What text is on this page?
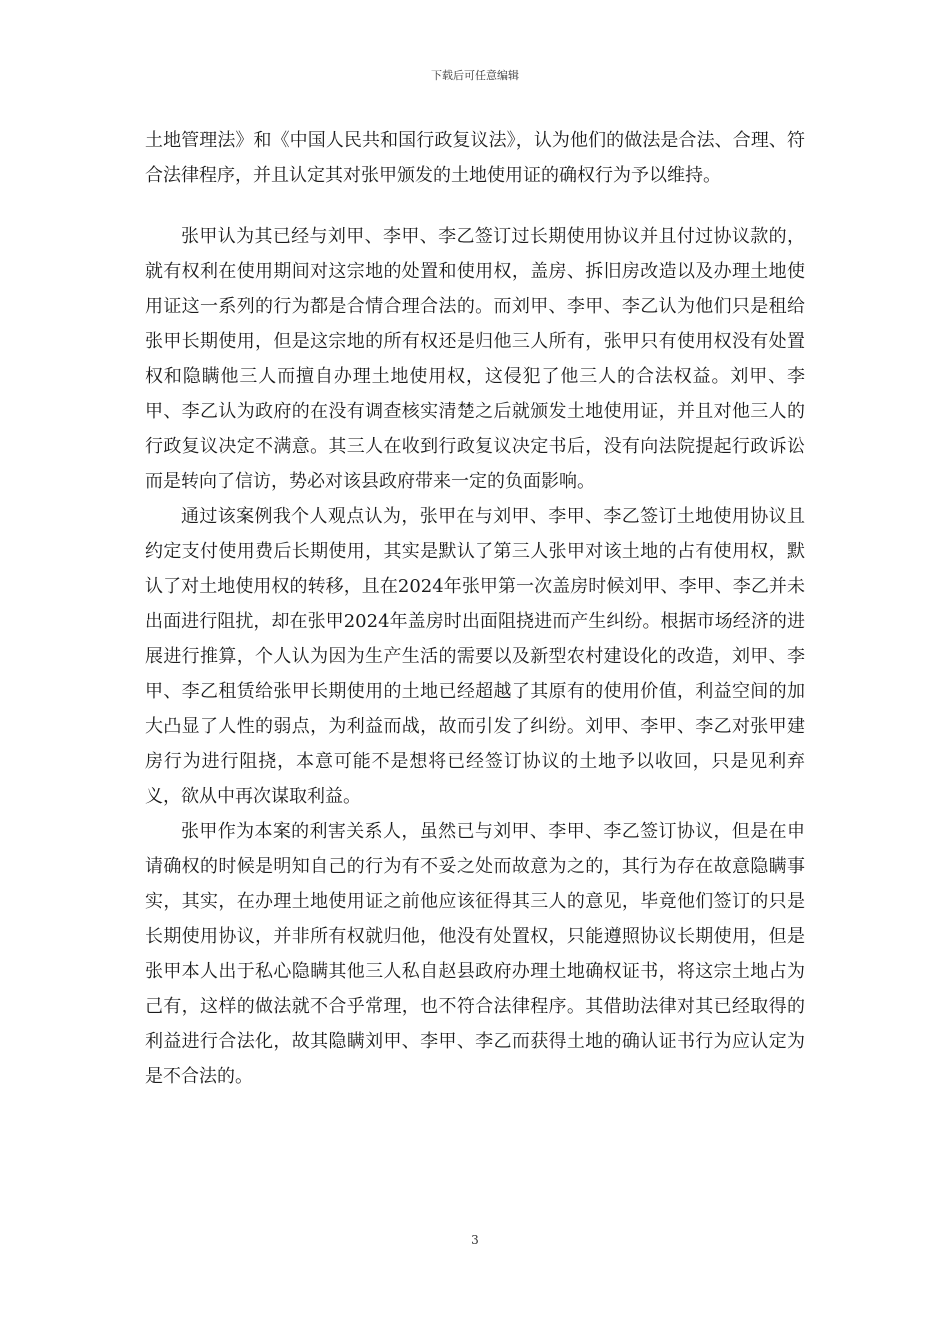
下载后可任意编辑

土地管理法》和《中国人民共和国行政复议法》，认为他们的做法是合法、合理、符合法律程序，并且认定其对张甲颁发的土地使用证的确权行为予以维持。

张甲认为其已经与刘甲、李甲、李乙签订过长期使用协议并且付过协议款的，就有权利在使用期间对这宗地的处置和使用权，盖房、拆旧房改造以及办理土地使用证这一系列的行为都是合情合理合法的。而刘甲、李甲、李乙认为他们只是租给张甲长期使用，但是这宗地的所有权还是归他三人所有，张甲只有使用权没有处置权和隐瞒他三人而擅自办理土地使用权，这侵犯了他三人的合法权益。刘甲、李甲、李乙认为政府的在没有调查核实清楚之后就颁发土地使用证，并且对他三人的行政复议决定不满意。其三人在收到行政复议决定书后，没有向法院提起行政诉讼而是转向了信访，势必对该县政府带来一定的负面影响。

通过该案例我个人观点认为，张甲在与刘甲、李甲、李乙签订土地使用协议且约定支付使用费后长期使用，其实是默认了第三人张甲对该土地的占有使用权，默认了对土地使用权的转移，且在2024年张甲第一次盖房时候刘甲、李甲、李乙并未出面进行阻扰，却在张甲2024年盖房时出面阻挠进而产生纠纷。根据市场经济的进展进行推算，个人认为因为生产生活的需要以及新型农村建设化的改造，刘甲、李甲、李乙租赁给张甲长期使用的土地已经超越了其原有的使用价值，利益空间的加大凸显了人性的弱点，为利益而战，故而引发了纠纷。刘甲、李甲、李乙对张甲建房行为进行阻挠，本意可能不是想将已经签订协议的土地予以收回，只是见利弃义，欲从中再次谋取利益。

张甲作为本案的利害关系人，虽然已与刘甲、李甲、李乙签订协议，但是在申请确权的时候是明知自己的行为有不妥之处而故意为之的，其行为存在故意隐瞒事实，其实，在办理土地使用证之前他应该征得其三人的意见，毕竟他们签订的只是长期使用协议，并非所有权就归他，他没有处置权，只能遵照协议长期使用，但是张甲本人出于私心隐瞒其他三人私自赵县政府办理土地确权证书，将这宗土地占为己有，这样的做法就不合乎常理，也不符合法律程序。其借助法律对其已经取得的利益进行合法化，故其隐瞒刘甲、李甲、李乙而获得土地的确认证书行为应认定为是不合法的。

3
